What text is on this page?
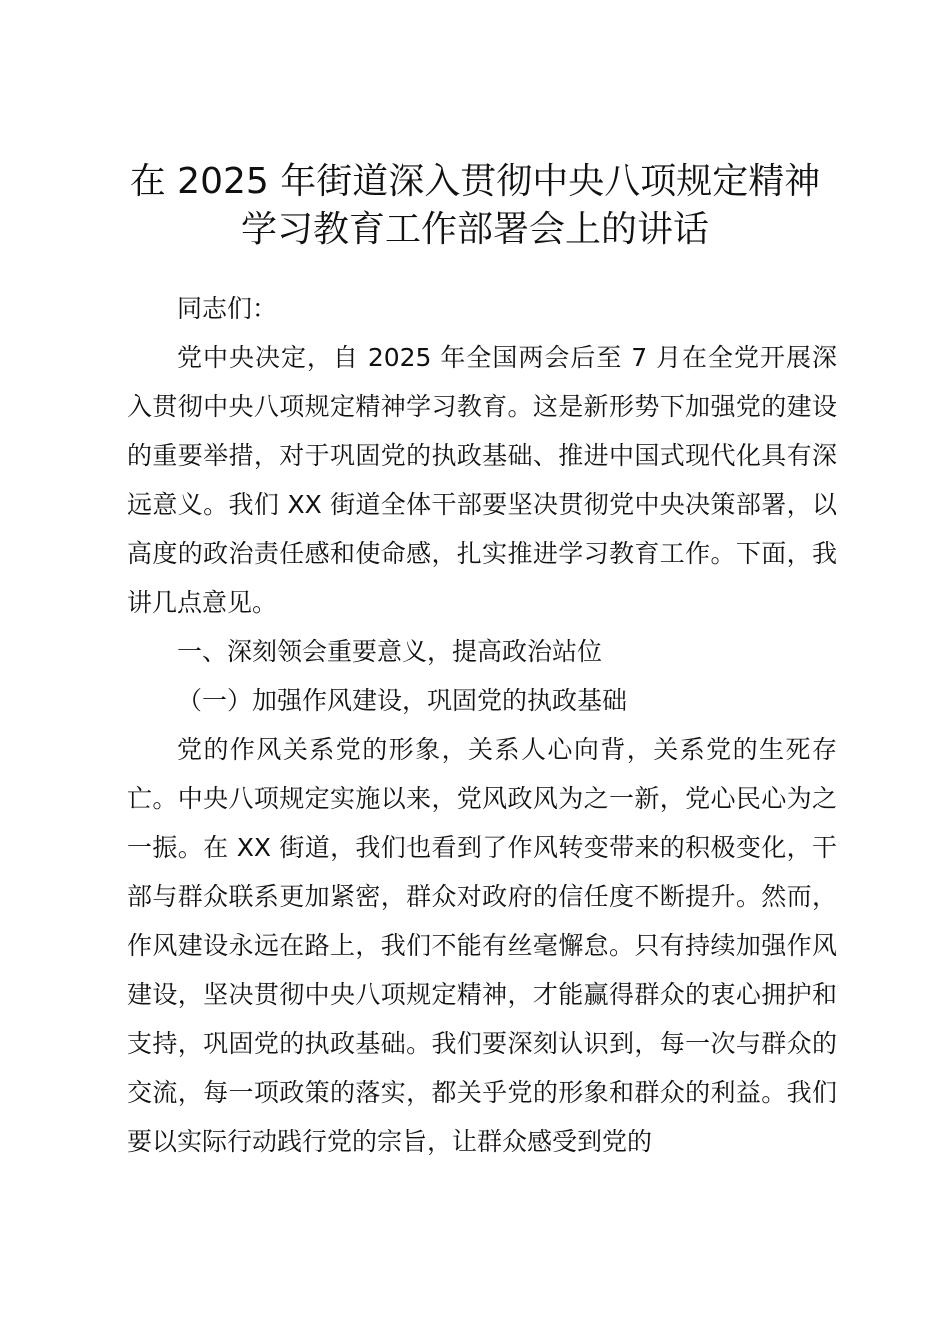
在 2025 年街道深入贯彻中央八项规定精神学习教育工作部署会上的讲话

同志们：

党中央决定，自 2025 年全国两会后至 7 月在全党开展深入贯彻中央八项规定精神学习教育。这是新形势下加强党的建设的重要举措，对于巩固党的执政基础、推进中国式现代化具有深远意义。我们 XX 街道全体干部要坚决贯彻党中央决策部署，以高度的政治责任感和使命感，扎实推进学习教育工作。下面，我讲几点意见。

一、深刻领会重要意义，提高政治站位

（一）加强作风建设，巩固党的执政基础

党的作风关系党的形象，关系人心向背，关系党的生死存亡。中央八项规定实施以来，党风政风为之一新，党心民心为之一振。在 XX 街道，我们也看到了作风转变带来的积极变化，干部与群众联系更加紧密，群众对政府的信任度不断提升。然而，作风建设永远在路上，我们不能有丝毫懈怠。只有持续加强作风建设，坚决贯彻中央八项规定精神，才能赢得群众的衷心拥护和支持，巩固党的执政基础。我们要深刻认识到，每一次与群众的交流，每一项政策的落实，都关乎党的形象和群众的利益。我们要以实际行动践行党的宗旨，让群众感受到党的
